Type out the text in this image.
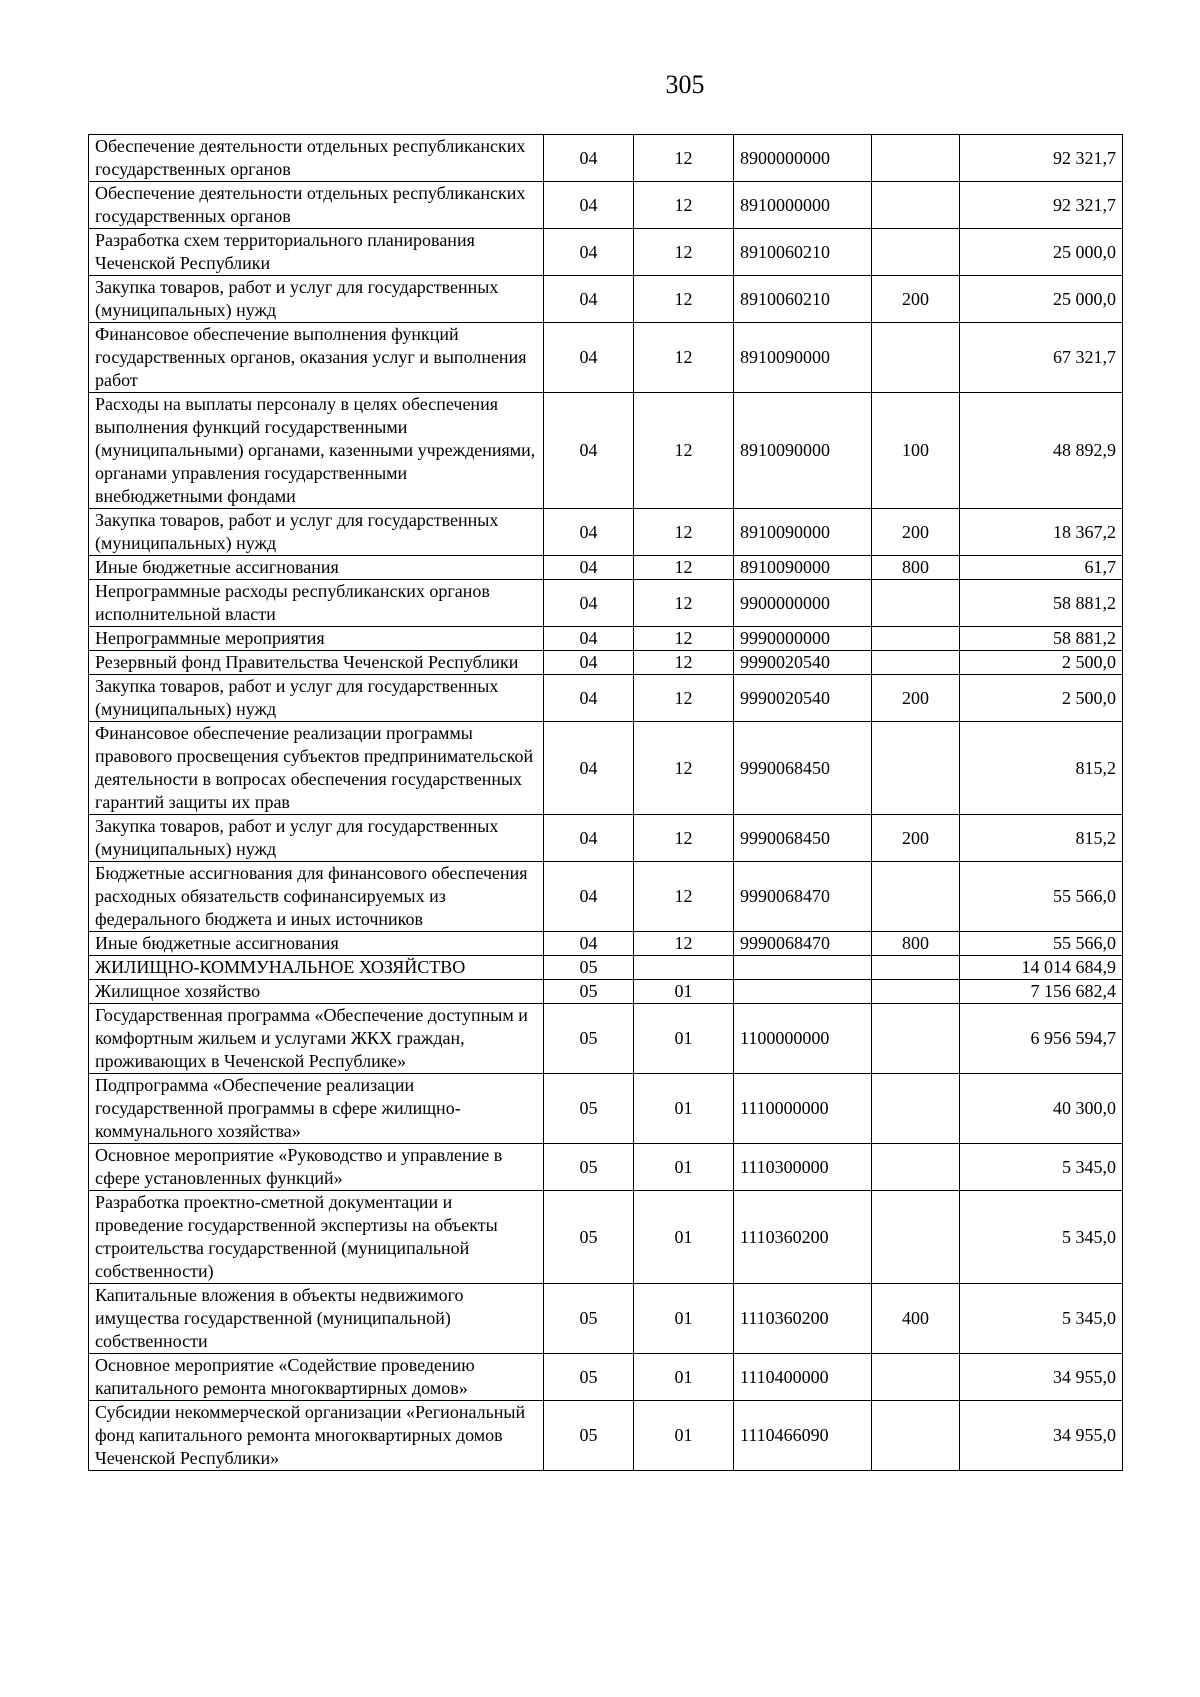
305
Обеспечение деятельности отдельных республиканских государственных органов	04	12	8900000000		92 321,7
Обеспечение деятельности отдельных республиканских государственных органов	04	12	8910000000		92 321,7
Разработка схем территориального планирования Чеченской Республики	04	12	8910060210		25 000,0
Закупка товаров, работ и услуг для государственных (муниципальных) нужд	04	12	8910060210	200	25 000,0
Финансовое обеспечение выполнения функций государственных органов, оказания услуг и выполнения работ	04	12	8910090000		67 321,7
Расходы на выплаты персоналу в целях обеспечения выполнения функций государственными (муниципальными) органами, казенными учреждениями, органами управления государственными внебюджетными фондами	04	12	8910090000	100	48 892,9
Закупка товаров, работ и услуг для государственных (муниципальных) нужд	04	12	8910090000	200	18 367,2
Иные бюджетные ассигнования	04	12	8910090000	800	61,7
Непрограммные расходы республиканских органов исполнительной власти	04	12	9900000000		58 881,2
Непрограммные мероприятия	04	12	9990000000		58 881,2
Резервный фонд Правительства Чеченской Республики	04	12	9990020540		2 500,0
Закупка товаров, работ и услуг для государственных (муниципальных) нужд	04	12	9990020540	200	2 500,0
Финансовое обеспечение реализации программы правового просвещения субъектов предпринимательской деятельности в вопросах обеспечения государственных гарантий защиты их прав	04	12	9990068450		815,2
Закупка товаров, работ и услуг для государственных (муниципальных) нужд	04	12	9990068450	200	815,2
Бюджетные ассигнования для финансового обеспечения расходных обязательств софинансируемых из федерального бюджета и иных источников	04	12	9990068470		55 566,0
Иные бюджетные ассигнования	04	12	9990068470	800	55 566,0
ЖИЛИЩНО-КОММУНАЛЬНОЕ ХОЗЯЙСТВО	05				14 014 684,9
Жилищное хозяйство	05	01			7 156 682,4
Государственная программа «Обеспечение доступным и комфортным жильем и услугами ЖКХ граждан, проживающих в Чеченской Республике»	05	01	1100000000		6 956 594,7
Подпрограмма «Обеспечение реализации государственной программы в сфере жилищно-коммунального хозяйства»	05	01	1110000000		40 300,0
Основное мероприятие «Руководство и управление в сфере установленных функций»	05	01	1110300000		5 345,0
Разработка проектно-сметной документации и проведение государственной экспертизы на объекты строительства государственной (муниципальной собственности)	05	01	1110360200		5 345,0
Капитальные вложения в объекты недвижимого имущества государственной (муниципальной) собственности	05	01	1110360200	400	5 345,0
Основное мероприятие «Содействие проведению капитального ремонта многоквартирных домов»	05	01	1110400000		34 955,0
Субсидии некоммерческой организации «Региональный фонд капитального ремонта многоквартирных домов Чеченской Республики»	05	01	1110466090		34 955,0
